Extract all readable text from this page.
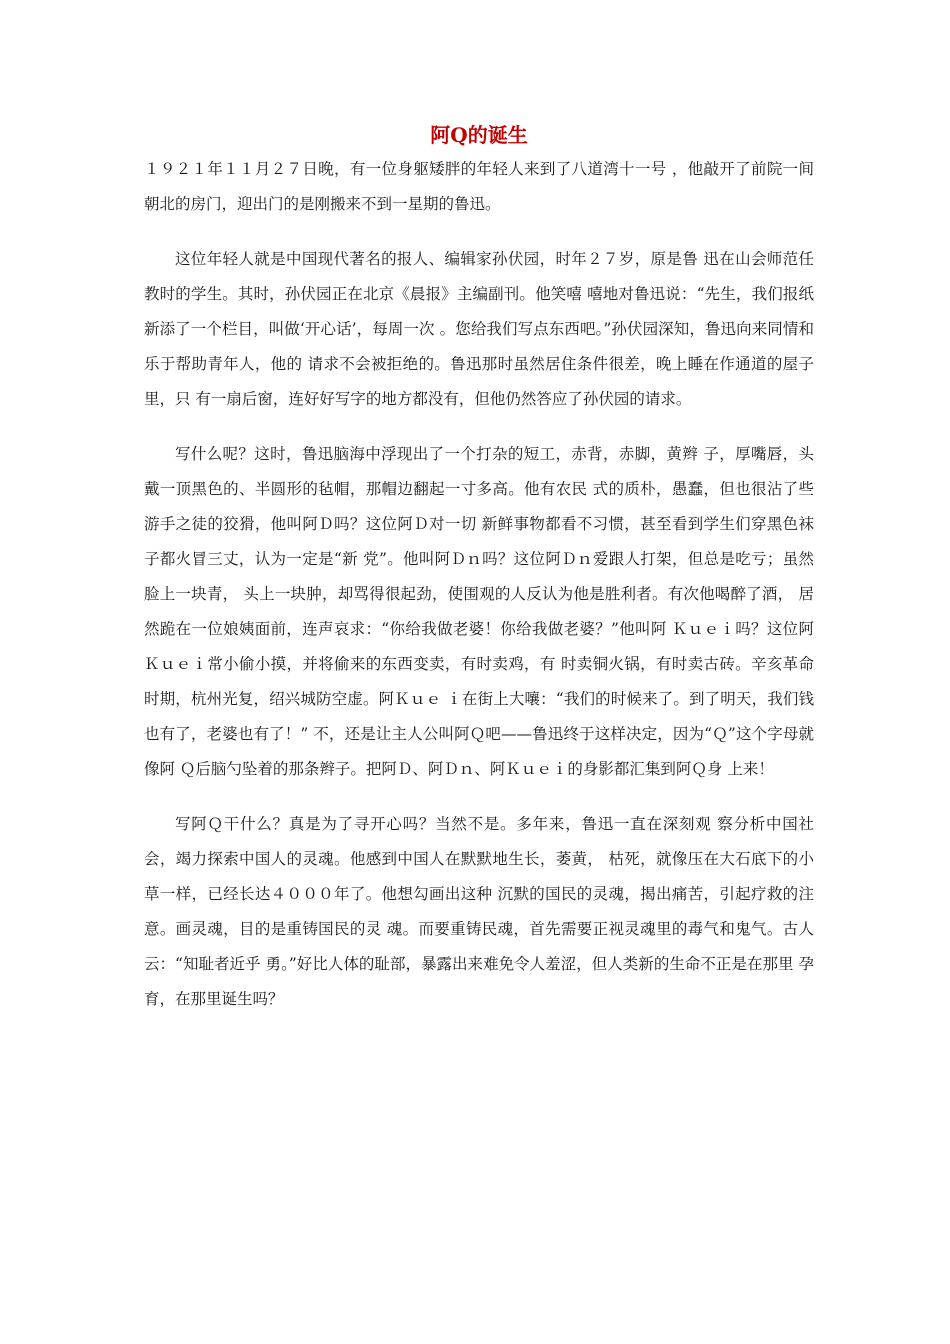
阿Q的诞生

１９２１年１１月２７日晚，有一位身躯矮胖的年轻人来到了八道湾十一号 ，他敲开了前院一间朝北的房门，迎出门的是刚搬来不到一星期的鲁迅。

这位年轻人就是中国现代著名的报人、编辑家孙伏园，时年２７岁，原是鲁 迅在山会师范任教时的学生。其时，孙伏园正在北京《晨报》主编副刊。他笑嘻 嘻地对鲁迅说：“先生，我们报纸新添了一个栏目，叫做‘开心话’，每周一次 。您给我们写点东西吧。”孙伏园深知，鲁迅向来同情和乐于帮助青年人，他的 请求不会被拒绝的。鲁迅那时虽然居住条件很差，晚上睡在作通道的屋子里，只 有一扇后窗，连好好写字的地方都没有，但他仍然答应了孙伏园的请求。

写什么呢？这时，鲁迅脑海中浮现出了一个打杂的短工，赤背，赤脚，黄辫 子，厚嘴唇，头戴一顶黑色的、半圆形的毡帽，那帽边翻起一寸多高。他有农民 式的质朴，愚蠢，但也很沾了些游手之徒的狡猾，他叫阿Ｄ吗？这位阿Ｄ对一切 新鲜事物都看不习惯，甚至看到学生们穿黑色袜子都火冒三丈，认为一定是“新 党”。他叫阿Ｄｎ吗？这位阿Ｄｎ爱跟人打架，但总是吃亏；虽然脸上一块青， 头上一块肿，却骂得很起劲，使围观的人反认为他是胜利者。有次他喝醉了酒， 居然跪在一位娘姨面前，连声哀求：“你给我做老婆！你给我做老婆？”他叫阿 Ｋｕｅｉ吗？这位阿Ｋｕｅｉ常小偷小摸，并将偷来的东西变卖，有时卖鸡，有 时卖铜火锅，有时卖古砖。辛亥革命时期，杭州光复，绍兴城防空虚。阿Ｋｕｅ ｉ在街上大嚷：“我们的时候来了。到了明天，我们钱也有了，老婆也有了！” 不，还是让主人公叫阿Ｑ吧——鲁迅终于这样决定，因为“Ｑ”这个字母就像阿 Ｑ后脑勺坠着的那条辫子。把阿Ｄ、阿Ｄｎ、阿Ｋｕｅｉ的身影都汇集到阿Ｑ身 上来！

写阿Ｑ干什么？真是为了寻开心吗？当然不是。多年来，鲁迅一直在深刻观 察分析中国社会，竭力探索中国人的灵魂。他感到中国人在默默地生长，萎黄， 枯死，就像压在大石底下的小草一样，已经长达４０００年了。他想勾画出这种 沉默的国民的灵魂，揭出痛苦，引起疗救的注意。画灵魂，目的是重铸国民的灵 魂。而要重铸民魂，首先需要正视灵魂里的毒气和鬼气。古人云：“知耻者近乎 勇。”好比人体的耻部，暴露出来难免令人羞涩，但人类新的生命不正是在那里 孕育，在那里诞生吗？
